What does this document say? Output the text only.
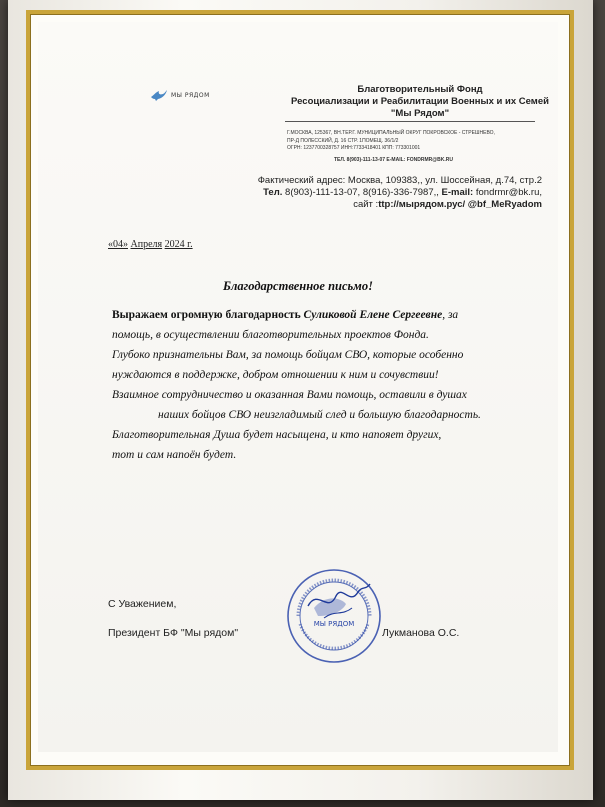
МЫ РЯДОМ	Благотворительный Фонд
Ресоциализации и Реабилитации Военных и их Семей
"Мы Рядом"
Г.МОСКВА, 125367, ВН.ТЕР.Г. МУНИЦИПАЛЬНЫЙ ОКРУГ ПОКРОВСКОЕ - СТРЕШНЕВО,
ПР-Д ПОЛЕССКИЙ, Д. 16 СТР. 1ПОМЕЩ. 36/1/2
ОГРН: 1237700328757 ИНН:7733418401 КПП: 773301001
ТЕЛ. 8(903)-111-13-07 E-MAIL: FONDRMR@BK.RU
Фактический адрес: Москва, 109383,, ул. Шоссейная, д.74, стр.2
Тел. 8(903)-111-13-07, 8(916)-336-7987,, E-mail: fondrmr@bk.ru,
сайт :ttp://мырядом.рус/ @bf_MeRyadom
«04» Апреля 2024 г.
Благодарственное письмо!

Выражаем огромную благодарность Суликовой Елене Сергеевне, за

помощь, в осуществлении благотворительных проектов Фонда.

Глубоко признательны Вам, за помощь бойцам СВО, которые особенно

нуждаются в поддержке, добром отношении к ним и сочувствии!

Взаимное сотрудничество и оказанная Вами помощь, оставили в душах

наших бойцов СВО неизгладимый след и большую благодарность.

Благотворительная Душа будет насыщена, и кто напояет других,

тот и сам напоён будет.

С Уважением,
Президент БФ "Мы рядом"	Лукманова О.С.
МЫ РЯДОМ
